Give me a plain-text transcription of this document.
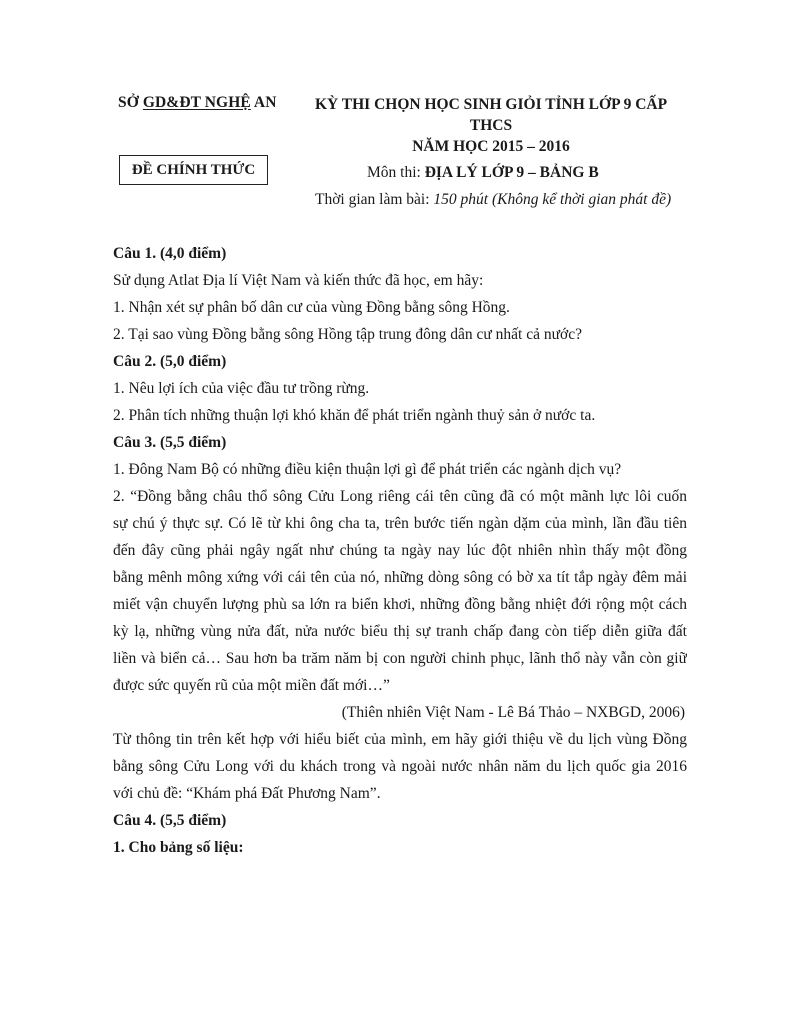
SỞ GD&ĐT NGHỆ AN	KỲ THI CHỌN HỌC SINH GIỎI TỈNH LỚP 9 CẤP THCS
NĂM HỌC 2015 – 2016
ĐỀ CHÍNH THỨC	Môn thi: ĐỊA LÝ LỚP 9 – BẢNG B
Thời gian làm bài: 150 phút (Không kể thời gian phát đề)
Câu 1. (4,0 điểm)
Sử dụng Atlat Địa lí Việt Nam và kiến thức đã học, em hãy:
1. Nhận xét sự phân bố dân cư của vùng Đồng bằng sông Hồng.
2. Tại sao vùng Đồng bằng sông Hồng tập trung đông dân cư nhất cả nước?
Câu 2. (5,0 điểm)
1. Nêu lợi ích của việc đầu tư trồng rừng.
2. Phân tích những thuận lợi khó khăn để phát triển ngành thuỷ sản ở nước ta.
Câu 3. (5,5 điểm)
1. Đông Nam Bộ có những điều kiện thuận lợi gì để phát triển các ngành dịch vụ?
2. “Đồng bằng châu thổ sông Cửu Long riêng cái tên cũng đã có một mãnh lực lôi cuốn
sự chú ý thực sự. Có lẽ từ khi ông cha ta, trên bước tiến ngàn dặm của mình, lần đầu tiên
đến đây cũng phải ngây ngất như chúng ta ngày nay lúc đột nhiên nhìn thấy một đồng
bằng mênh mông xứng với cái tên của nó, những dòng sông có bờ xa tít tắp ngày đêm mải
miết vận chuyển lượng phù sa lớn ra biển khơi, những đồng bằng nhiệt đới rộng một cách
kỳ lạ, những vùng nửa đất, nửa nước biểu thị sự tranh chấp đang còn tiếp diễn giữa đất
liền và biển cả… Sau hơn ba trăm năm bị con người chinh phục, lãnh thổ này vẫn còn giữ
được sức quyến rũ của một miền đất mới…”
(Thiên nhiên Việt Nam - Lê Bá Thảo – NXBGD, 2006)
Từ thông tin trên kết hợp với hiểu biết của mình, em hãy giới thiệu về du lịch vùng Đồng
bằng sông Cửu Long với du khách trong và ngoài nước nhân năm du lịch quốc gia 2016
với chủ đề: “Khám phá Đất Phương Nam”.
Câu 4. (5,5 điểm)
1. Cho bảng số liệu:
